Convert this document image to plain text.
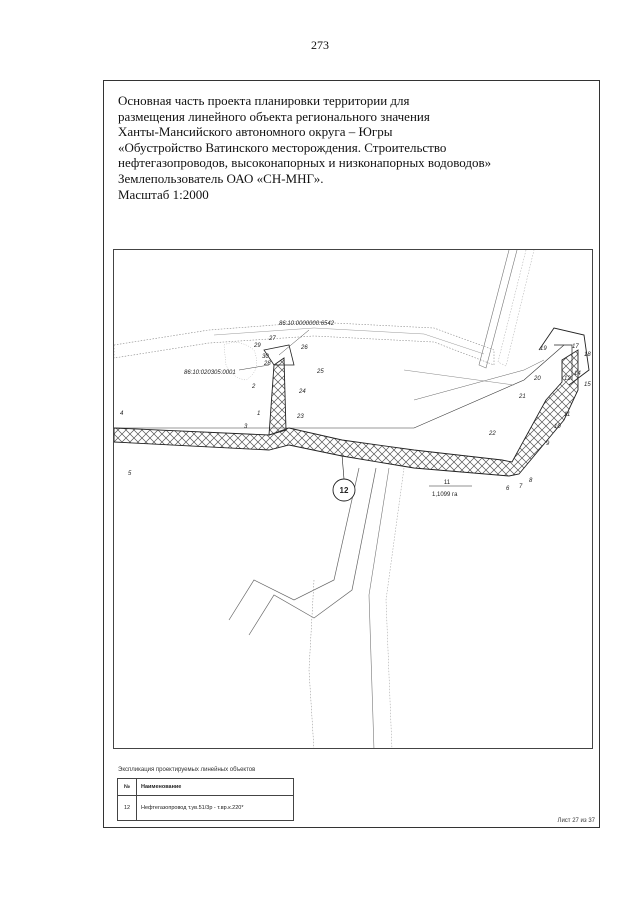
273
Основная часть проекта планировки территории для
размещения линейного объекта регионального значения
Ханты-Мансийского автономного округа – Югры
«Обустройство Ватинского месторождения. Строительство
нефтегазопроводов, высоконапорных и низконапорных водоводов»
Землепользователь ОАО «СН-МНГ».
Масштаб 1:2000
86:10:0000000:6542
86:10:020305:0001
12
11
1,1099 га
4
5
3
23
22
6 7
8
9
10
11
12
14
15
17
18
19
20
21
24
25
26
27
28
29
30
2
1
Экспликация проектируемых линейных объектов
№	Наименование
12	Нефтегазопровод т.ув.51/3р - т.вр.к.220*
Лист 27 из 37
